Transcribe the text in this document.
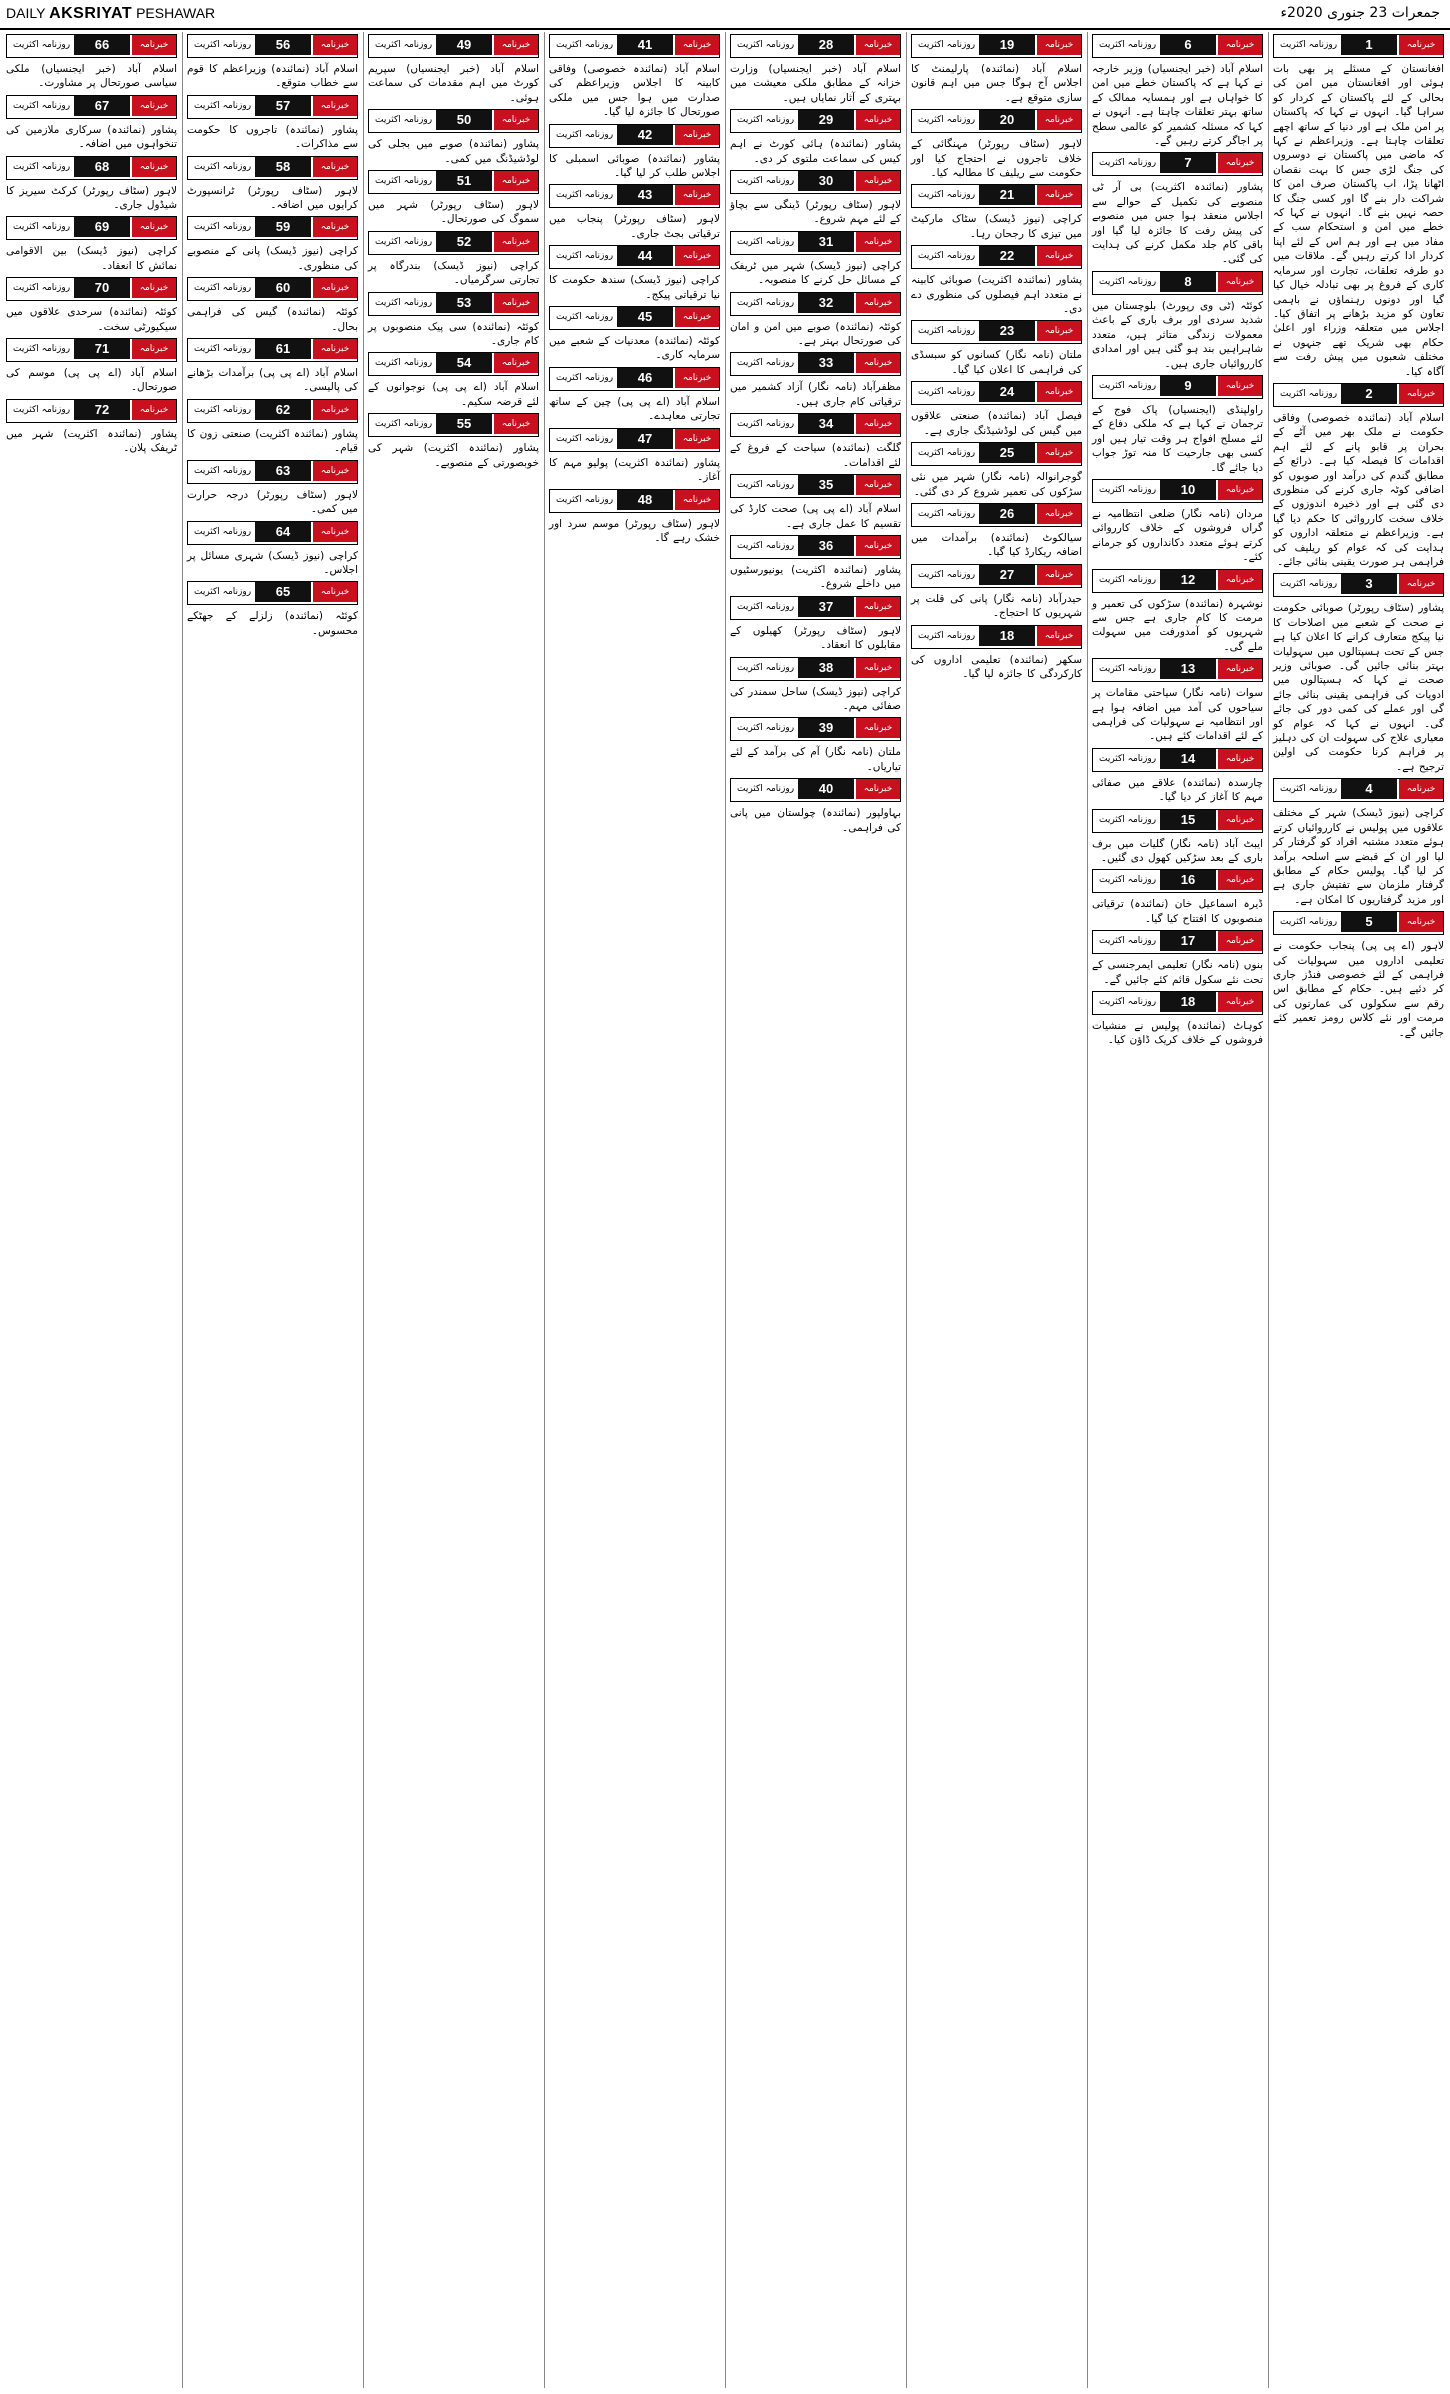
DAILY AKSRIYAT PESHAWAR	جمعرات 23 جنوری 2020ء
خبرنامہ
1
روزنامہ اکثریت
افغانستان کے مسئلے پر بھی بات ہوئی اور افغانستان میں امن کی بحالی کے لئے پاکستان کے کردار کو سراہا گیا۔ انہوں نے کہا کہ پاکستان پر امن ملک ہے اور دنیا کے ساتھ اچھے تعلقات چاہتا ہے۔ وزیراعظم نے کہا کہ ماضی میں پاکستان نے دوسروں کی جنگ لڑی جس کا بہت نقصان اٹھانا پڑا، اب پاکستان صرف امن کا شراکت دار بنے گا اور کسی جنگ کا حصہ نہیں بنے گا۔ انہوں نے کہا کہ خطے میں امن و استحکام سب کے مفاد میں ہے اور ہم اس کے لئے اپنا کردار ادا کرتے رہیں گے۔ ملاقات میں دو طرفہ تعلقات، تجارت اور سرمایہ کاری کے فروغ پر بھی تبادلہ خیال کیا گیا اور دونوں رہنماؤں نے باہمی تعاون کو مزید بڑھانے پر اتفاق کیا۔ اجلاس میں متعلقہ وزراء اور اعلیٰ حکام بھی شریک تھے جنہوں نے مختلف شعبوں میں پیش رفت سے آگاہ کیا۔
خبرنامہ
2
روزنامہ اکثریت
اسلام آباد (نمائندہ خصوصی) وفاقی حکومت نے ملک بھر میں آٹے کے بحران پر قابو پانے کے لئے اہم اقدامات کا فیصلہ کیا ہے۔ ذرائع کے مطابق گندم کی درآمد اور صوبوں کو اضافی کوٹہ جاری کرنے کی منظوری دی گئی ہے اور ذخیرہ اندوزوں کے خلاف سخت کارروائی کا حکم دیا گیا ہے۔ وزیراعظم نے متعلقہ اداروں کو ہدایت کی کہ عوام کو ریلیف کی فراہمی ہر صورت یقینی بنائی جائے۔
خبرنامہ
3
روزنامہ اکثریت
پشاور (سٹاف رپورٹر) صوبائی حکومت نے صحت کے شعبے میں اصلاحات کا نیا پیکج متعارف کرانے کا اعلان کیا ہے جس کے تحت ہسپتالوں میں سہولیات بہتر بنائی جائیں گی۔ صوبائی وزیر صحت نے کہا کہ ہسپتالوں میں ادویات کی فراہمی یقینی بنائی جائے گی اور عملے کی کمی دور کی جائے گی۔ انہوں نے کہا کہ عوام کو معیاری علاج کی سہولت ان کی دہلیز پر فراہم کرنا حکومت کی اولین ترجیح ہے۔
خبرنامہ
4
روزنامہ اکثریت
کراچی (نیوز ڈیسک) شہر کے مختلف علاقوں میں پولیس نے کارروائیاں کرتے ہوئے متعدد مشتبہ افراد کو گرفتار کر لیا اور ان کے قبضے سے اسلحہ برآمد کر لیا گیا۔ پولیس حکام کے مطابق گرفتار ملزمان سے تفتیش جاری ہے اور مزید گرفتاریوں کا امکان ہے۔
خبرنامہ
5
روزنامہ اکثریت
لاہور (اے پی پی) پنجاب حکومت نے تعلیمی اداروں میں سہولیات کی فراہمی کے لئے خصوصی فنڈز جاری کر دئیے ہیں۔ حکام کے مطابق اس رقم سے سکولوں کی عمارتوں کی مرمت اور نئے کلاس رومز تعمیر کئے جائیں گے۔
خبرنامہ
6
روزنامہ اکثریت
اسلام آباد (خبر ایجنسیاں) وزیر خارجہ نے کہا ہے کہ پاکستان خطے میں امن کا خواہاں ہے اور ہمسایہ ممالک کے ساتھ بہتر تعلقات چاہتا ہے۔ انہوں نے کہا کہ مسئلہ کشمیر کو عالمی سطح پر اجاگر کرتے رہیں گے۔
خبرنامہ
7
روزنامہ اکثریت
پشاور (نمائندہ اکثریت) بی آر ٹی منصوبے کی تکمیل کے حوالے سے اجلاس منعقد ہوا جس میں منصوبے کی پیش رفت کا جائزہ لیا گیا اور باقی کام جلد مکمل کرنے کی ہدایت کی گئی۔
خبرنامہ
8
روزنامہ اکثریت
کوئٹہ (ٹی وی رپورٹ) بلوچستان میں شدید سردی اور برف باری کے باعث معمولات زندگی متاثر ہیں، متعدد شاہراہیں بند ہو گئی ہیں اور امدادی کارروائیاں جاری ہیں۔
خبرنامہ
9
روزنامہ اکثریت
راولپنڈی (ایجنسیاں) پاک فوج کے ترجمان نے کہا ہے کہ ملکی دفاع کے لئے مسلح افواج ہر وقت تیار ہیں اور کسی بھی جارحیت کا منہ توڑ جواب دیا جائے گا۔
خبرنامہ
10
روزنامہ اکثریت
مردان (نامہ نگار) ضلعی انتظامیہ نے گراں فروشوں کے خلاف کارروائی کرتے ہوئے متعدد دکانداروں کو جرمانے کئے۔
خبرنامہ
12
روزنامہ اکثریت
نوشہرہ (نمائندہ) سڑکوں کی تعمیر و مرمت کا کام جاری ہے جس سے شہریوں کو آمدورفت میں سہولت ملے گی۔
خبرنامہ
13
روزنامہ اکثریت
سوات (نامہ نگار) سیاحتی مقامات پر سیاحوں کی آمد میں اضافہ ہوا ہے اور انتظامیہ نے سہولیات کی فراہمی کے لئے اقدامات کئے ہیں۔
خبرنامہ
14
روزنامہ اکثریت
چارسدہ (نمائندہ) علاقے میں صفائی مہم کا آغاز کر دیا گیا۔
خبرنامہ
15
روزنامہ اکثریت
ایبٹ آباد (نامہ نگار) گلیات میں برف باری کے بعد سڑکیں کھول دی گئیں۔
خبرنامہ
16
روزنامہ اکثریت
ڈیرہ اسماعیل خان (نمائندہ) ترقیاتی منصوبوں کا افتتاح کیا گیا۔
خبرنامہ
17
روزنامہ اکثریت
بنوں (نامہ نگار) تعلیمی ایمرجنسی کے تحت نئے سکول قائم کئے جائیں گے۔
خبرنامہ
18
روزنامہ اکثریت
کوہاٹ (نمائندہ) پولیس نے منشیات فروشوں کے خلاف کریک ڈاؤن کیا۔
خبرنامہ
19
روزنامہ اکثریت
اسلام آباد (نمائندہ) پارلیمنٹ کا اجلاس آج ہوگا جس میں اہم قانون سازی متوقع ہے۔
خبرنامہ
20
روزنامہ اکثریت
لاہور (سٹاف رپورٹر) مہنگائی کے خلاف تاجروں نے احتجاج کیا اور حکومت سے ریلیف کا مطالبہ کیا۔
خبرنامہ
21
روزنامہ اکثریت
کراچی (نیوز ڈیسک) سٹاک مارکیٹ میں تیزی کا رجحان رہا۔
خبرنامہ
22
روزنامہ اکثریت
پشاور (نمائندہ اکثریت) صوبائی کابینہ نے متعدد اہم فیصلوں کی منظوری دے دی۔
خبرنامہ
23
روزنامہ اکثریت
ملتان (نامہ نگار) کسانوں کو سبسڈی کی فراہمی کا اعلان کیا گیا۔
خبرنامہ
24
روزنامہ اکثریت
فیصل آباد (نمائندہ) صنعتی علاقوں میں گیس کی لوڈشیڈنگ جاری ہے۔
خبرنامہ
25
روزنامہ اکثریت
گوجرانوالہ (نامہ نگار) شہر میں نئی سڑکوں کی تعمیر شروع کر دی گئی۔
خبرنامہ
26
روزنامہ اکثریت
سیالکوٹ (نمائندہ) برآمدات میں اضافہ ریکارڈ کیا گیا۔
خبرنامہ
27
روزنامہ اکثریت
حیدرآباد (نامہ نگار) پانی کی قلت پر شہریوں کا احتجاج۔
خبرنامہ
18
روزنامہ اکثریت
سکھر (نمائندہ) تعلیمی اداروں کی کارکردگی کا جائزہ لیا گیا۔
خبرنامہ
28
روزنامہ اکثریت
اسلام آباد (خبر ایجنسیاں) وزارت خزانہ کے مطابق ملکی معیشت میں بہتری کے آثار نمایاں ہیں۔
خبرنامہ
29
روزنامہ اکثریت
پشاور (نمائندہ) ہائی کورٹ نے اہم کیس کی سماعت ملتوی کر دی۔
خبرنامہ
30
روزنامہ اکثریت
لاہور (سٹاف رپورٹر) ڈینگی سے بچاؤ کے لئے مہم شروع۔
خبرنامہ
31
روزنامہ اکثریت
کراچی (نیوز ڈیسک) شہر میں ٹریفک کے مسائل حل کرنے کا منصوبہ۔
خبرنامہ
32
روزنامہ اکثریت
کوئٹہ (نمائندہ) صوبے میں امن و امان کی صورتحال بہتر ہے۔
خبرنامہ
33
روزنامہ اکثریت
مظفرآباد (نامہ نگار) آزاد کشمیر میں ترقیاتی کام جاری ہیں۔
خبرنامہ
34
روزنامہ اکثریت
گلگت (نمائندہ) سیاحت کے فروغ کے لئے اقدامات۔
خبرنامہ
35
روزنامہ اکثریت
اسلام آباد (اے پی پی) صحت کارڈ کی تقسیم کا عمل جاری ہے۔
خبرنامہ
36
روزنامہ اکثریت
پشاور (نمائندہ اکثریت) یونیورسٹیوں میں داخلے شروع۔
خبرنامہ
37
روزنامہ اکثریت
لاہور (سٹاف رپورٹر) کھیلوں کے مقابلوں کا انعقاد۔
خبرنامہ
38
روزنامہ اکثریت
کراچی (نیوز ڈیسک) ساحل سمندر کی صفائی مہم۔
خبرنامہ
39
روزنامہ اکثریت
ملتان (نامہ نگار) آم کی برآمد کے لئے تیاریاں۔
خبرنامہ
40
روزنامہ اکثریت
بہاولپور (نمائندہ) چولستان میں پانی کی فراہمی۔
خبرنامہ
41
روزنامہ اکثریت
اسلام آباد (نمائندہ خصوصی) وفاقی کابینہ کا اجلاس وزیراعظم کی صدارت میں ہوا جس میں ملکی صورتحال کا جائزہ لیا گیا۔
خبرنامہ
42
روزنامہ اکثریت
پشاور (نمائندہ) صوبائی اسمبلی کا اجلاس طلب کر لیا گیا۔
خبرنامہ
43
روزنامہ اکثریت
لاہور (سٹاف رپورٹر) پنجاب میں ترقیاتی بجٹ جاری۔
خبرنامہ
44
روزنامہ اکثریت
کراچی (نیوز ڈیسک) سندھ حکومت کا نیا ترقیاتی پیکج۔
خبرنامہ
45
روزنامہ اکثریت
کوئٹہ (نمائندہ) معدنیات کے شعبے میں سرمایہ کاری۔
خبرنامہ
46
روزنامہ اکثریت
اسلام آباد (اے پی پی) چین کے ساتھ تجارتی معاہدے۔
خبرنامہ
47
روزنامہ اکثریت
پشاور (نمائندہ اکثریت) پولیو مہم کا آغاز۔
خبرنامہ
48
روزنامہ اکثریت
لاہور (سٹاف رپورٹر) موسم سرد اور خشک رہے گا۔
خبرنامہ
49
روزنامہ اکثریت
اسلام آباد (خبر ایجنسیاں) سپریم کورٹ میں اہم مقدمات کی سماعت ہوئی۔
خبرنامہ
50
روزنامہ اکثریت
پشاور (نمائندہ) صوبے میں بجلی کی لوڈشیڈنگ میں کمی۔
خبرنامہ
51
روزنامہ اکثریت
لاہور (سٹاف رپورٹر) شہر میں سموگ کی صورتحال۔
خبرنامہ
52
روزنامہ اکثریت
کراچی (نیوز ڈیسک) بندرگاہ پر تجارتی سرگرمیاں۔
خبرنامہ
53
روزنامہ اکثریت
کوئٹہ (نمائندہ) سی پیک منصوبوں پر کام جاری۔
خبرنامہ
54
روزنامہ اکثریت
اسلام آباد (اے پی پی) نوجوانوں کے لئے قرضہ سکیم۔
خبرنامہ
55
روزنامہ اکثریت
پشاور (نمائندہ اکثریت) شہر کی خوبصورتی کے منصوبے۔
خبرنامہ
56
روزنامہ اکثریت
اسلام آباد (نمائندہ) وزیراعظم کا قوم سے خطاب متوقع۔
خبرنامہ
57
روزنامہ اکثریت
پشاور (نمائندہ) تاجروں کا حکومت سے مذاکرات۔
خبرنامہ
58
روزنامہ اکثریت
لاہور (سٹاف رپورٹر) ٹرانسپورٹ کرایوں میں اضافہ۔
خبرنامہ
59
روزنامہ اکثریت
کراچی (نیوز ڈیسک) پانی کے منصوبے کی منظوری۔
خبرنامہ
60
روزنامہ اکثریت
کوئٹہ (نمائندہ) گیس کی فراہمی بحال۔
خبرنامہ
61
روزنامہ اکثریت
اسلام آباد (اے پی پی) برآمدات بڑھانے کی پالیسی۔
خبرنامہ
62
روزنامہ اکثریت
پشاور (نمائندہ اکثریت) صنعتی زون کا قیام۔
خبرنامہ
63
روزنامہ اکثریت
لاہور (سٹاف رپورٹر) درجہ حرارت میں کمی۔
خبرنامہ
64
روزنامہ اکثریت
کراچی (نیوز ڈیسک) شہری مسائل پر اجلاس۔
خبرنامہ
65
روزنامہ اکثریت
کوئٹہ (نمائندہ) زلزلے کے جھٹکے محسوس۔
خبرنامہ
66
روزنامہ اکثریت
اسلام آباد (خبر ایجنسیاں) ملکی سیاسی صورتحال پر مشاورت۔
خبرنامہ
67
روزنامہ اکثریت
پشاور (نمائندہ) سرکاری ملازمین کی تنخواہوں میں اضافہ۔
خبرنامہ
68
روزنامہ اکثریت
لاہور (سٹاف رپورٹر) کرکٹ سیریز کا شیڈول جاری۔
خبرنامہ
69
روزنامہ اکثریت
کراچی (نیوز ڈیسک) بین الاقوامی نمائش کا انعقاد۔
خبرنامہ
70
روزنامہ اکثریت
کوئٹہ (نمائندہ) سرحدی علاقوں میں سیکیورٹی سخت۔
خبرنامہ
71
روزنامہ اکثریت
اسلام آباد (اے پی پی) موسم کی صورتحال۔
خبرنامہ
72
روزنامہ اکثریت
پشاور (نمائندہ اکثریت) شہر میں ٹریفک پلان۔
